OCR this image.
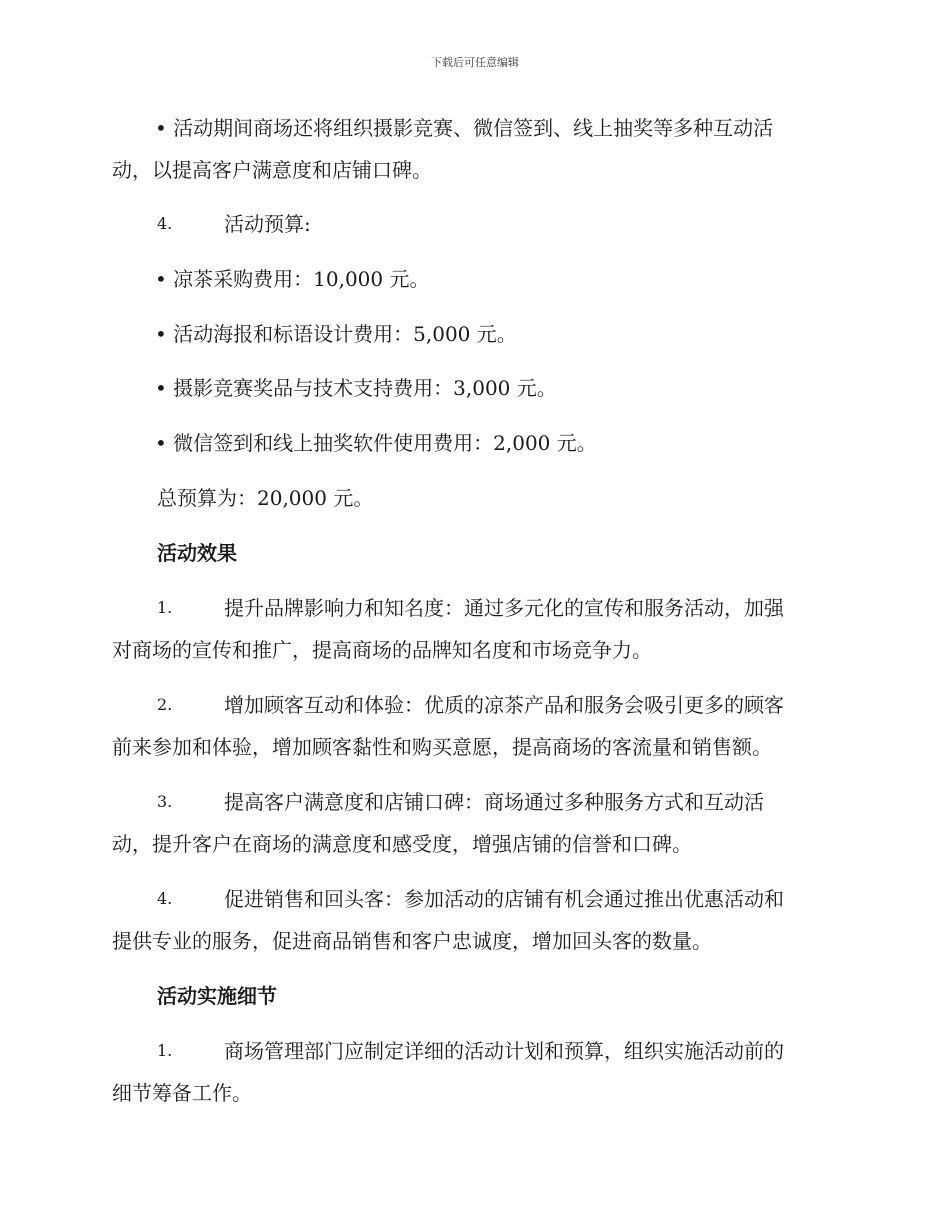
下载后可任意编辑
• 活动期间商场还将组织摄影竞赛、微信签到、线上抽奖等多种互动活
动，以提高客户满意度和店铺口碑。
4.	活动预算:
• 凉茶采购费用：10,000 元。
• 活动海报和标语设计费用：5,000 元。
• 摄影竞赛奖品与技术支持费用：3,000 元。
• 微信签到和线上抽奖软件使用费用：2,000 元。
总预算为：20,000 元。
活动效果
1.	提升品牌影响力和知名度：通过多元化的宣传和服务活动，加强
对商场的宣传和推广，提高商场的品牌知名度和市场竞争力。
2.	增加顾客互动和体验：优质的凉茶产品和服务会吸引更多的顾客
前来参加和体验，增加顾客黏性和购买意愿，提高商场的客流量和销售额。
3.	提高客户满意度和店铺口碑：商场通过多种服务方式和互动活
动，提升客户在商场的满意度和感受度，增强店铺的信誉和口碑。
4.	促进销售和回头客：参加活动的店铺有机会通过推出优惠活动和
提供专业的服务，促进商品销售和客户忠诚度，增加回头客的数量。
活动实施细节
1.	商场管理部门应制定详细的活动计划和预算，组织实施活动前的
细节筹备工作。
